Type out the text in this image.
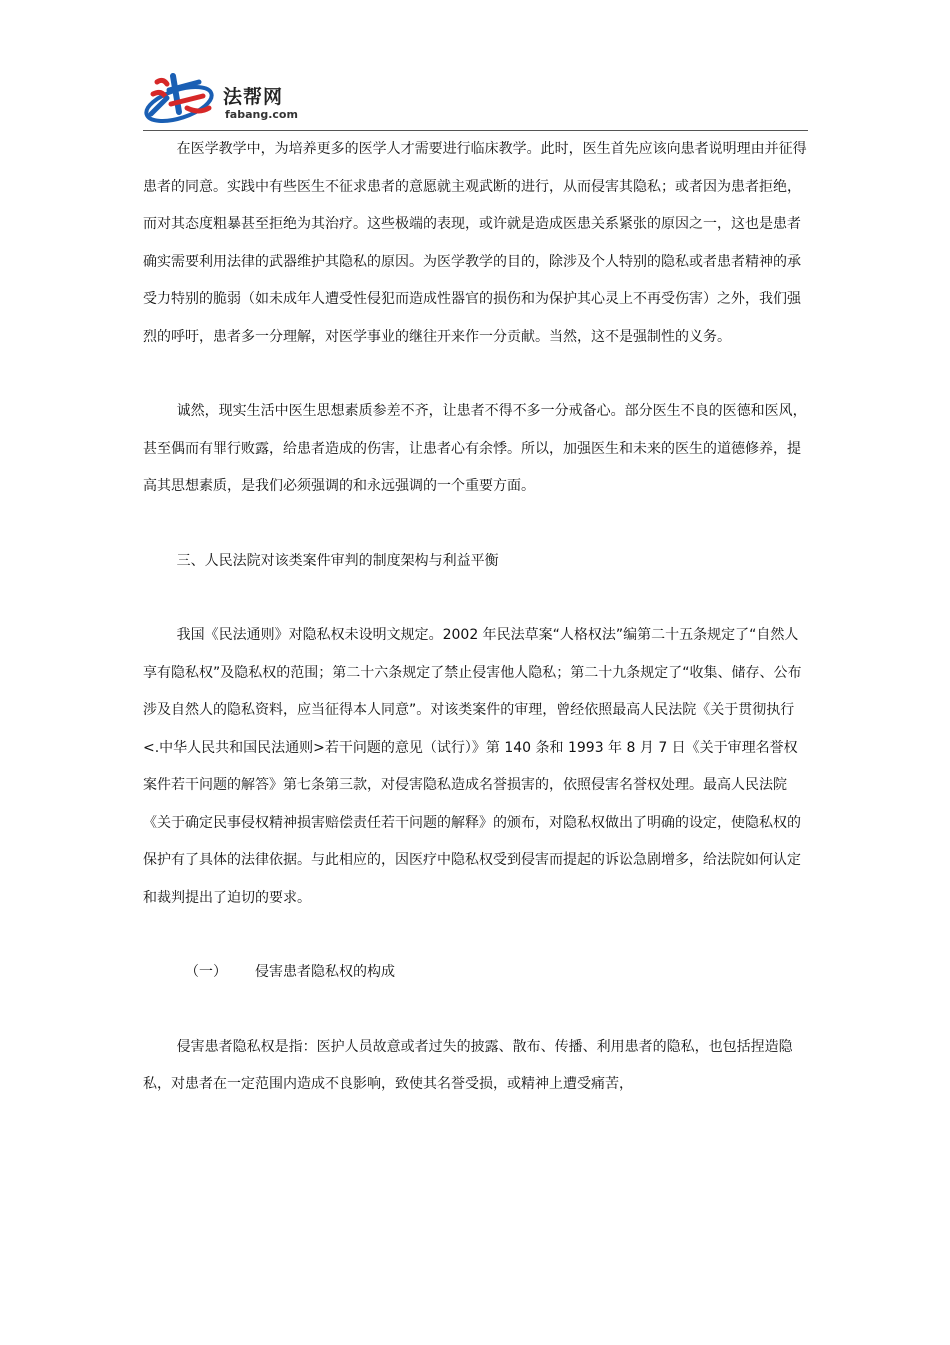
法帮网
fabang.com

在医学教学中，为培养更多的医学人才需要进行临床教学。此时，医生首先应该向患者说明理由并征得患者的同意。实践中有些医生不征求患者的意愿就主观武断的进行，从而侵害其隐私；或者因为患者拒绝，而对其态度粗暴甚至拒绝为其治疗。这些极端的表现，或许就是造成医患关系紧张的原因之一，这也是患者确实需要利用法律的武器维护其隐私的原因。为医学教学的目的，除涉及个人特别的隐私或者患者精神的承受力特别的脆弱（如未成年人遭受性侵犯而造成性器官的损伤和为保护其心灵上不再受伤害）之外，我们强烈的呼吁，患者多一分理解，对医学事业的继往开来作一分贡献。当然，这不是强制性的义务。

诚然，现实生活中医生思想素质参差不齐，让患者不得不多一分戒备心。部分医生不良的医德和医风，甚至偶而有罪行败露，给患者造成的伤害，让患者心有余悸。所以，加强医生和未来的医生的道德修养，提高其思想素质，是我们必须强调的和永远强调的一个重要方面。

三、人民法院对该类案件审判的制度架构与利益平衡

我国《民法通则》对隐私权未设明文规定。2002 年民法草案“人格权法”编第二十五条规定了“自然人享有隐私权”及隐私权的范围；第二十六条规定了禁止侵害他人隐私；第二十九条规定了“收集、储存、公布涉及自然人的隐私资料，应当征得本人同意”。对该类案件的审理，曾经依照最高人民法院《关于贯彻执行<.中华人民共和国民法通则>若干问题的意见（试行）》第 140 条和 1993 年 8 月 7 日《关于审理名誉权案件若干问题的解答》第七条第三款，对侵害隐私造成名誉损害的，依照侵害名誉权处理。最高人民法院《关于确定民事侵权精神损害赔偿责任若干问题的解释》的颁布，对隐私权做出了明确的设定，使隐私权的保护有了具体的法律依据。与此相应的，因医疗中隐私权受到侵害而提起的诉讼急剧增多，给法院如何认定和裁判提出了迫切的要求。

（一） 侵害患者隐私权的构成

侵害患者隐私权是指：医护人员故意或者过失的披露、散布、传播、利用患者的隐私，也包括捏造隐私，对患者在一定范围内造成不良影响，致使其名誉受损，或精神上遭受痛苦，
